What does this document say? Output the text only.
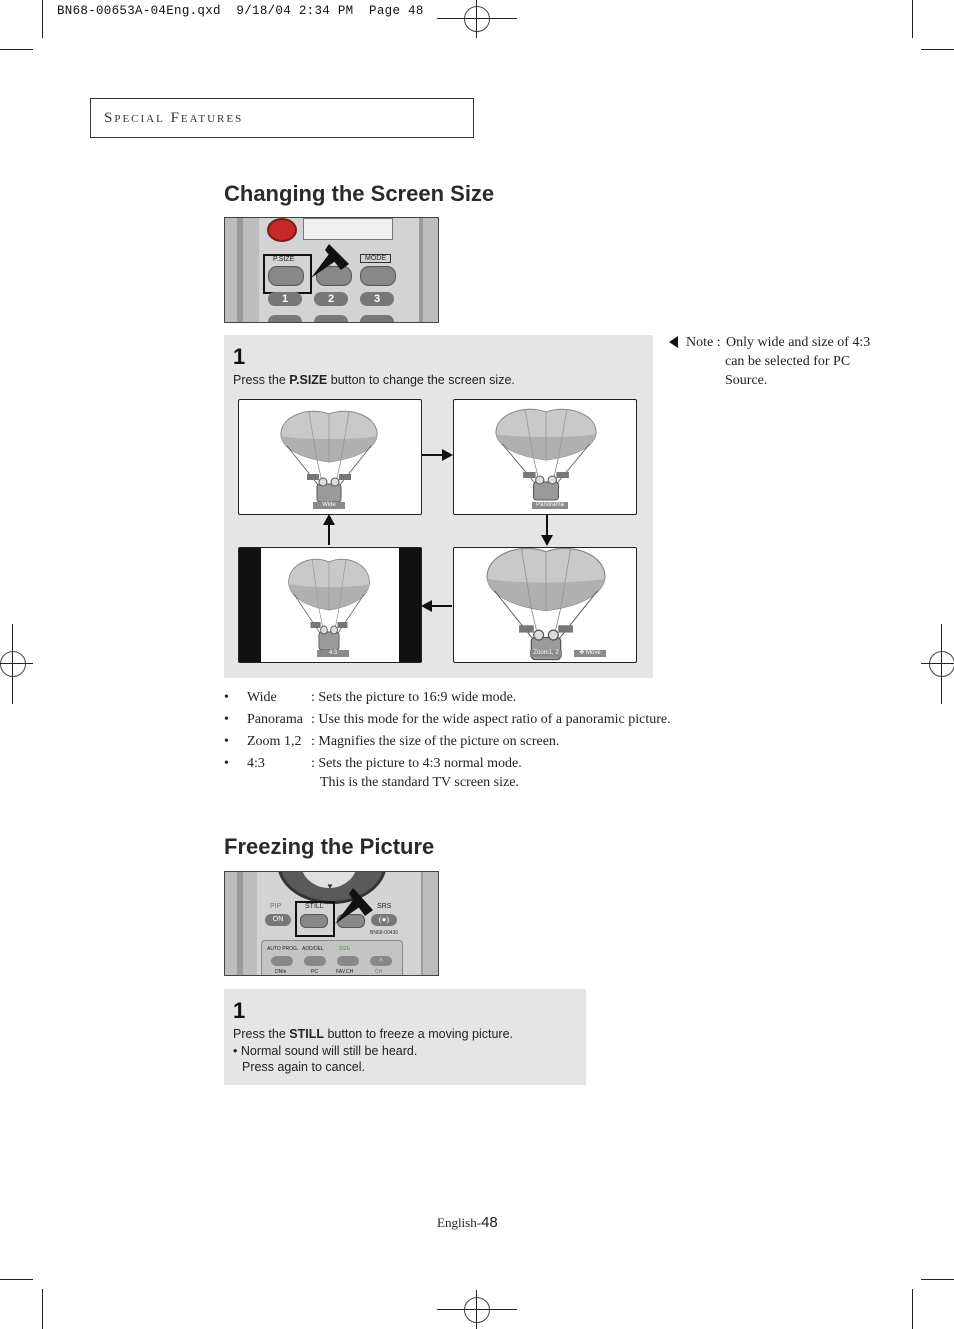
BN68-00653A-04Eng.qxd  9/18/04 2:34 PM  Page 48
Special Features
Changing the Screen Size
P.SIZE	MODE
1	2	3
1
Press the P.SIZE button to change the screen size.
Wide	Panorama
4:3	Zoom1, 2	✥ Move
Note : Only wide and size of 4:3 can be selected for PC Source.
• Wide : Sets the picture to 16:9 wide mode.
• Panorama : Use this mode for the wide aspect ratio of a panoramic picture.
• Zoom 1,2 : Magnifies the size of the picture on screen.
• 4:3	: Sets the picture to 4:3 normal mode.
This is the standard TV screen size.
Freezing the Picture
▼
PIP	STILL	SRS
ON	(●)
BN68-00436
AUTO PROG. ADD/DEL	SIZE
^
DNIe	PC	FAV.CH	CH
1
Press the STILL button to freeze a moving picture.
• Normal sound will still be heard.
Press again to cancel.
English-48
